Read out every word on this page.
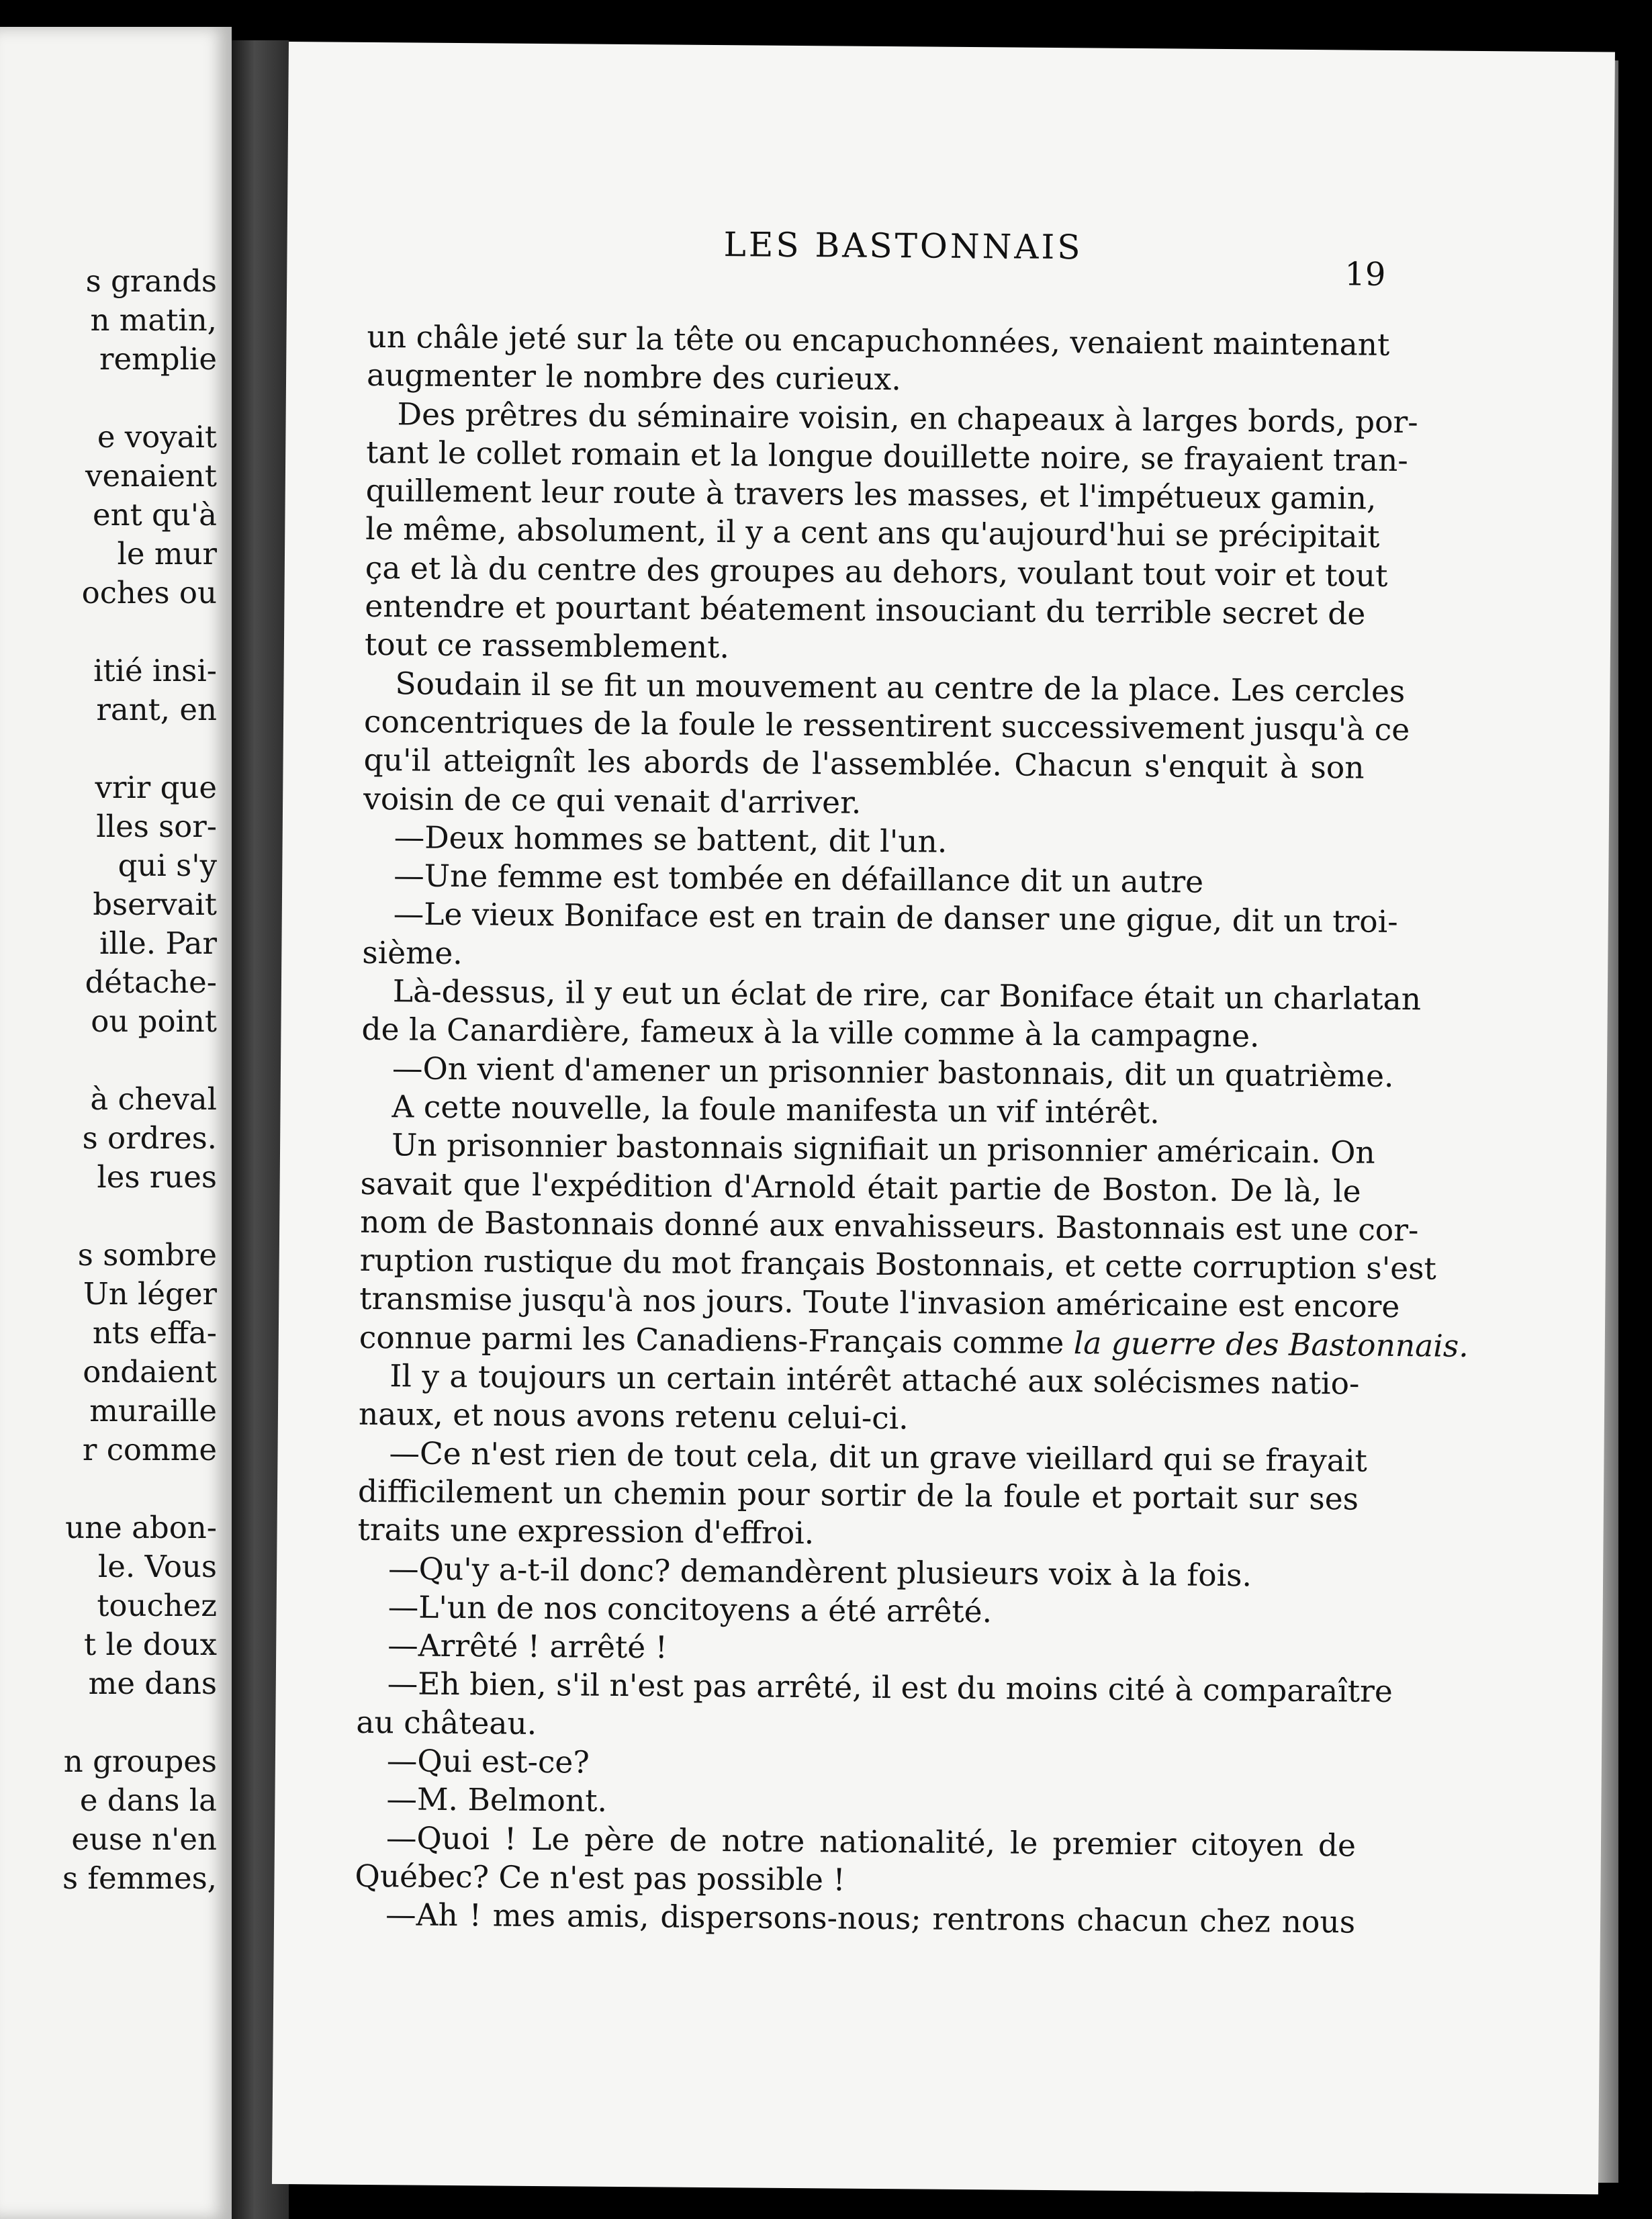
s grands
n matin,
remplie
e voyait
venaient
ent qu'à
le mur
oches ou
itié insi-
rant, en
vrir que
lles sor-
qui s'y
bservait
ille. Par
détache-
ou point
à cheval
s ordres.
les rues
s sombre
Un léger
nts effa-
ondaient
muraille
r comme
une abon-
le. Vous
touchez
t le doux
me dans
n groupes
e dans la
euse n'en
s femmes,
LES BASTONNAIS
19
un châle jeté sur la tête ou encapuchonnées, venaient maintenant
augmenter le nombre des curieux.
Des prêtres du séminaire voisin, en chapeaux à larges bords, por-
tant le collet romain et la longue douillette noire, se frayaient tran-
quillement leur route à travers les masses, et l'impétueux gamin,
le même, absolument, il y a cent ans qu'aujourd'hui se précipitait
ça et là du centre des groupes au dehors, voulant tout voir et tout
entendre et pourtant béatement insouciant du terrible secret de
tout ce rassemblement.
Soudain il se fit un mouvement au centre de la place. Les cercles
concentriques de la foule le ressentirent successivement jusqu'à ce
qu'il atteignît les abords de l'assemblée. Chacun s'enquit à son
voisin de ce qui venait d'arriver.
—Deux hommes se battent, dit l'un.
—Une femme est tombée en défaillance dit un autre
—Le vieux Boniface est en train de danser une gigue, dit un troi-
sième.
Là-dessus, il y eut un éclat de rire, car Boniface était un charlatan
de la Canardière, fameux à la ville comme à la campagne.
—On vient d'amener un prisonnier bastonnais, dit un quatrième.
A cette nouvelle, la foule manifesta un vif intérêt.
Un prisonnier bastonnais signifiait un prisonnier américain. On
savait que l'expédition d'Arnold était partie de Boston. De là, le
nom de Bastonnais donné aux envahisseurs. Bastonnais est une cor-
ruption rustique du mot français Bostonnais, et cette corruption s'est
transmise jusqu'à nos jours. Toute l'invasion américaine est encore
connue parmi les Canadiens-Français comme la guerre des Bastonnais.
Il y a toujours un certain intérêt attaché aux solécismes natio-
naux, et nous avons retenu celui-ci.
—Ce n'est rien de tout cela, dit un grave vieillard qui se frayait
difficilement un chemin pour sortir de la foule et portait sur ses
traits une expression d'effroi.
—Qu'y a-t-il donc? demandèrent plusieurs voix à la fois.
—L'un de nos concitoyens a été arrêté.
—Arrêté ! arrêté !
—Eh bien, s'il n'est pas arrêté, il est du moins cité à comparaître
au château.
—Qui est-ce?
—M. Belmont.
—Quoi ! Le père de notre nationalité, le premier citoyen de
Québec? Ce n'est pas possible !
—Ah ! mes amis, dispersons-nous; rentrons chacun chez nous
